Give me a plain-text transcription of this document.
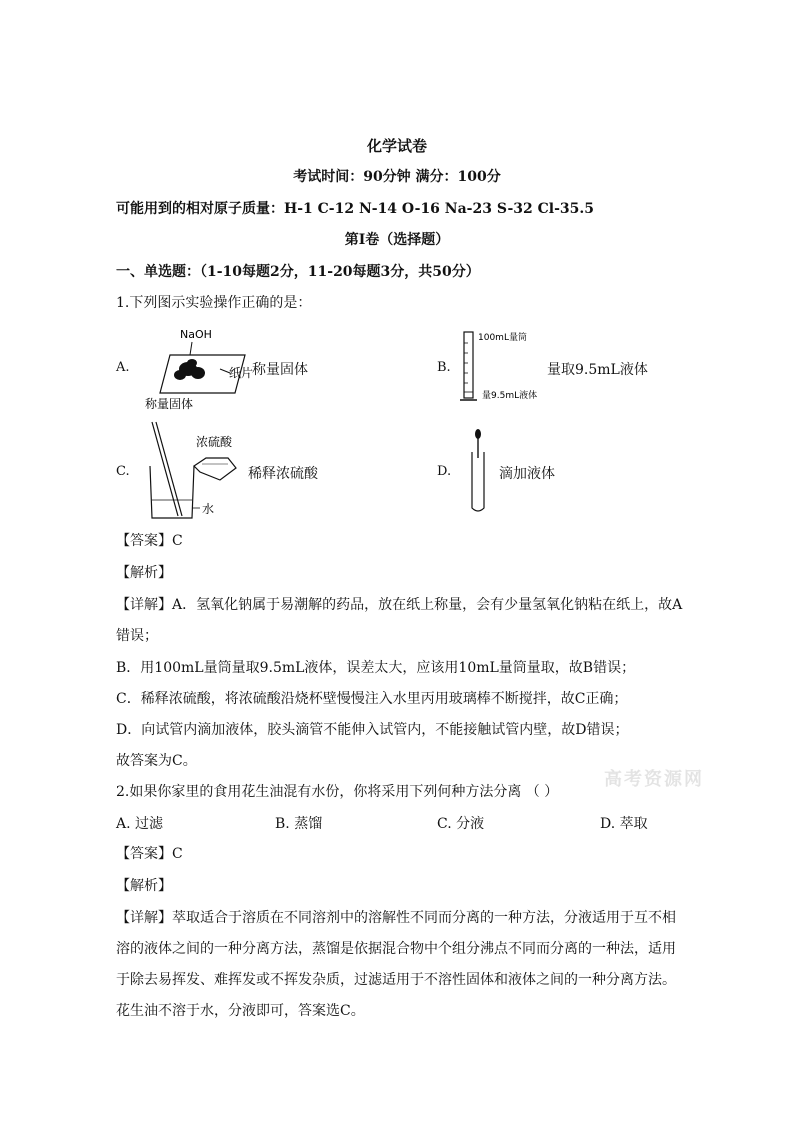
化学试卷
考试时间：90分钟 满分：100分
可能用到的相对原子质量：H-1 C-12 N-14 O-16 Na-23 S-32 Cl-35.5
第I卷（选择题）
一、单选题：（1-10每题2分，11-20每题3分，共50分）
1.下列图示实验操作正确的是：
A.
NaOH
纸片
称量固体
称量固体	B.
100mL量筒
量9.5mL液体
量取9.5mL液体
C.
浓硫酸
水
稀释浓硫酸	D.	滴加液体
【答案】C
【解析】
【详解】A．氢氧化钠属于易潮解的药品，放在纸上称量，会有少量氢氧化钠粘在纸上，故A
错误；
B．用100mL量筒量取9.5mL液体，误差太大，应该用10mL量筒量取，故B错误；
C．稀释浓硫酸，将浓硫酸沿烧杯壁慢慢注入水里丙用玻璃棒不断搅拌，故C正确；
D．向试管内滴加液体，胶头滴管不能伸入试管内，不能接触试管内壁，故D错误；
故答案为C。
高考资源网
2.如果你家里的食用花生油混有水份，你将采用下列何种方法分离 （ ）
A. 过滤	B. 蒸馏	C. 分液	D. 萃取
【答案】C
【解析】
【详解】萃取适合于溶质在不同溶剂中的溶解性不同而分离的一种方法，分液适用于互不相
溶的液体之间的一种分离方法，蒸馏是依据混合物中个组分沸点不同而分离的一种法，适用
于除去易挥发、难挥发或不挥发杂质，过滤适用于不溶性固体和液体之间的一种分离方法。
花生油不溶于水，分液即可，答案选C。
